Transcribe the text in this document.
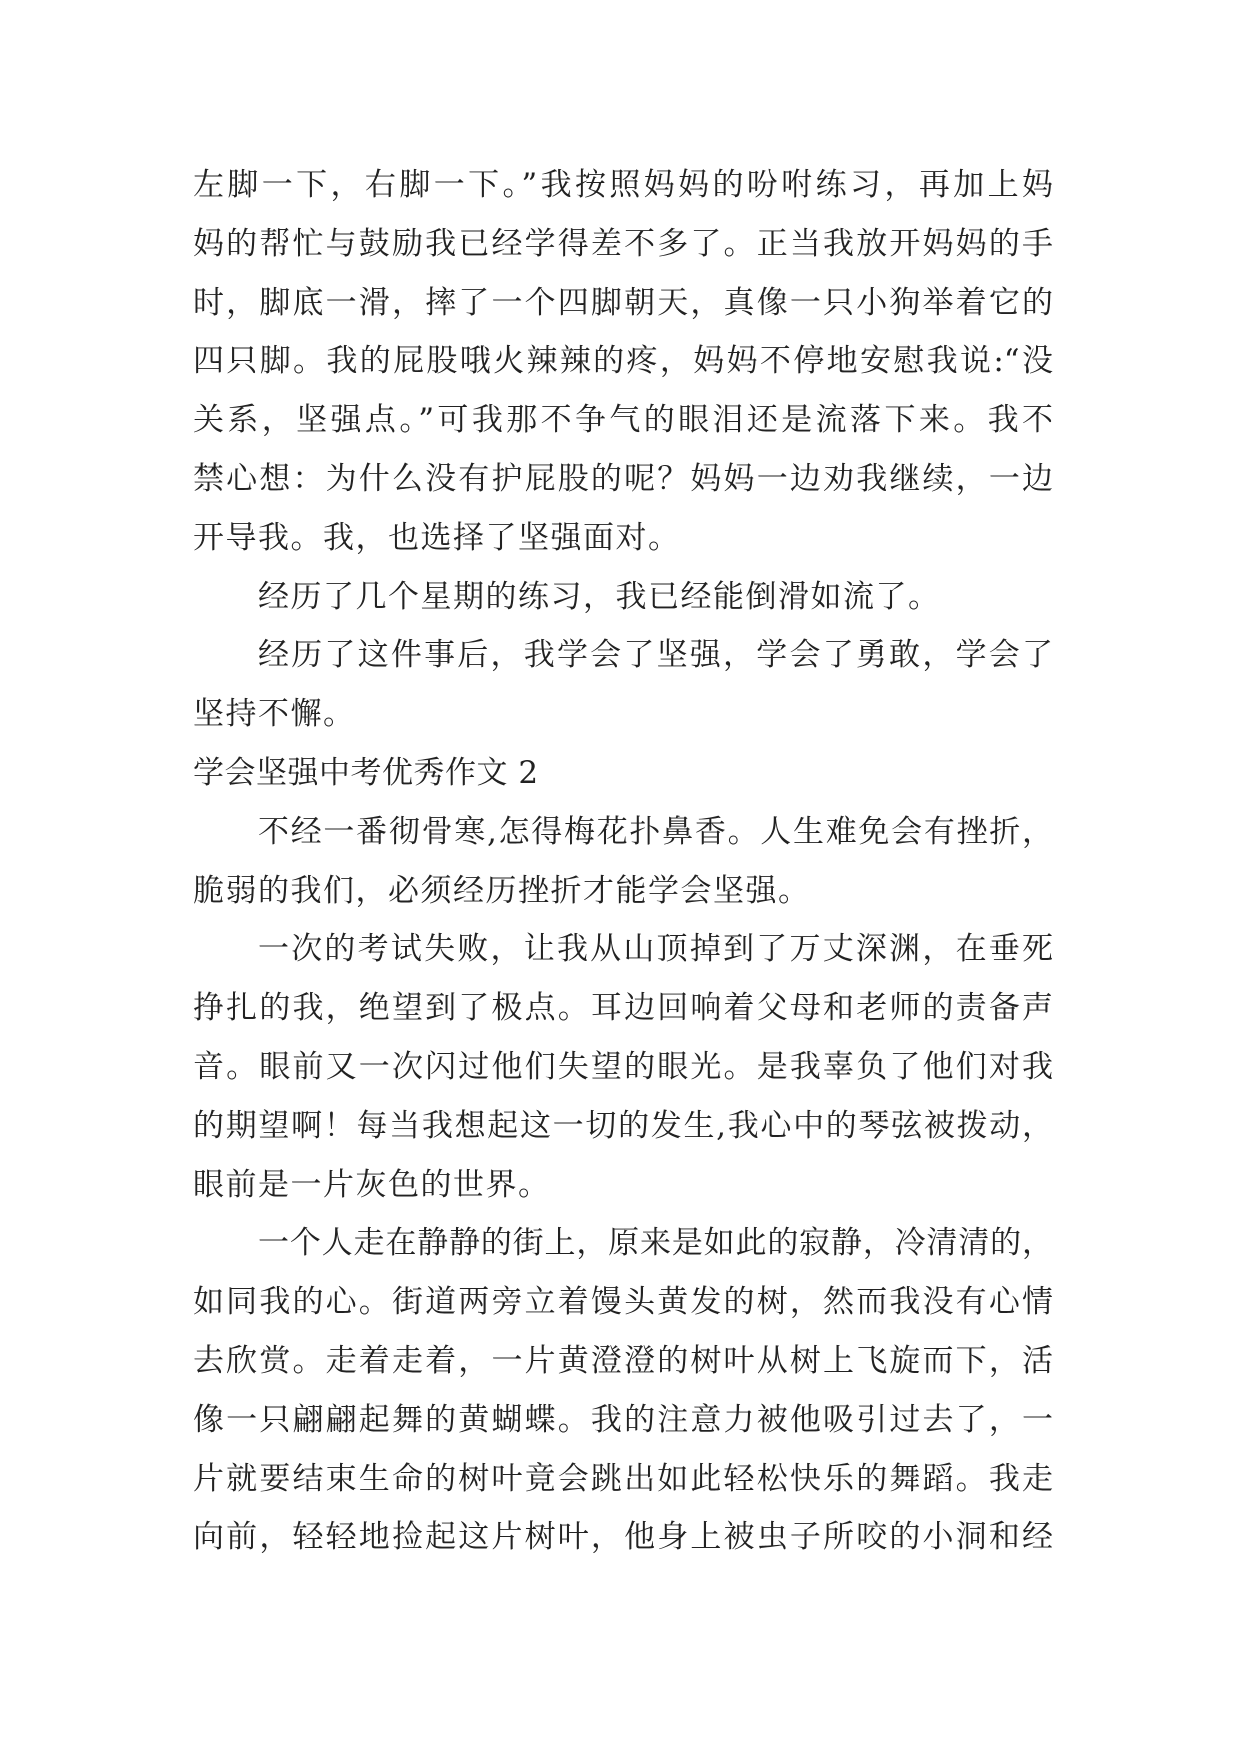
左脚一下，右脚一下。”我按照妈妈的吩咐练习，再加上妈
妈的帮忙与鼓励我已经学得差不多了。正当我放开妈妈的手
时，脚底一滑，摔了一个四脚朝天，真像一只小狗举着它的
四只脚。我的屁股哦火辣辣的疼，妈妈不停地安慰我说:“没
关系，坚强点。”可我那不争气的眼泪还是流落下来。我不
禁心想：为什么没有护屁股的呢？妈妈一边劝我继续，一边
开导我。我，也选择了坚强面对。
经历了几个星期的练习，我已经能倒滑如流了。
经历了这件事后，我学会了坚强，学会了勇敢，学会了
坚持不懈。
学会坚强中考优秀作文 2
不经一番彻骨寒,怎得梅花扑鼻香。人生难免会有挫折，
脆弱的我们，必须经历挫折才能学会坚强。
一次的考试失败，让我从山顶掉到了万丈深渊，在垂死
挣扎的我，绝望到了极点。耳边回响着父母和老师的责备声
音。眼前又一次闪过他们失望的眼光。是我辜负了他们对我
的期望啊！每当我想起这一切的发生,我心中的琴弦被拨动，
眼前是一片灰色的世界。
一个人走在静静的街上，原来是如此的寂静，冷清清的，
如同我的心。街道两旁立着馒头黄发的树，然而我没有心情
去欣赏。走着走着，一片黄澄澄的树叶从树上飞旋而下，活
像一只翩翩起舞的黄蝴蝶。我的注意力被他吸引过去了，一
片就要结束生命的树叶竟会跳出如此轻松快乐的舞蹈。我走
向前，轻轻地捡起这片树叶，他身上被虫子所咬的小洞和经
